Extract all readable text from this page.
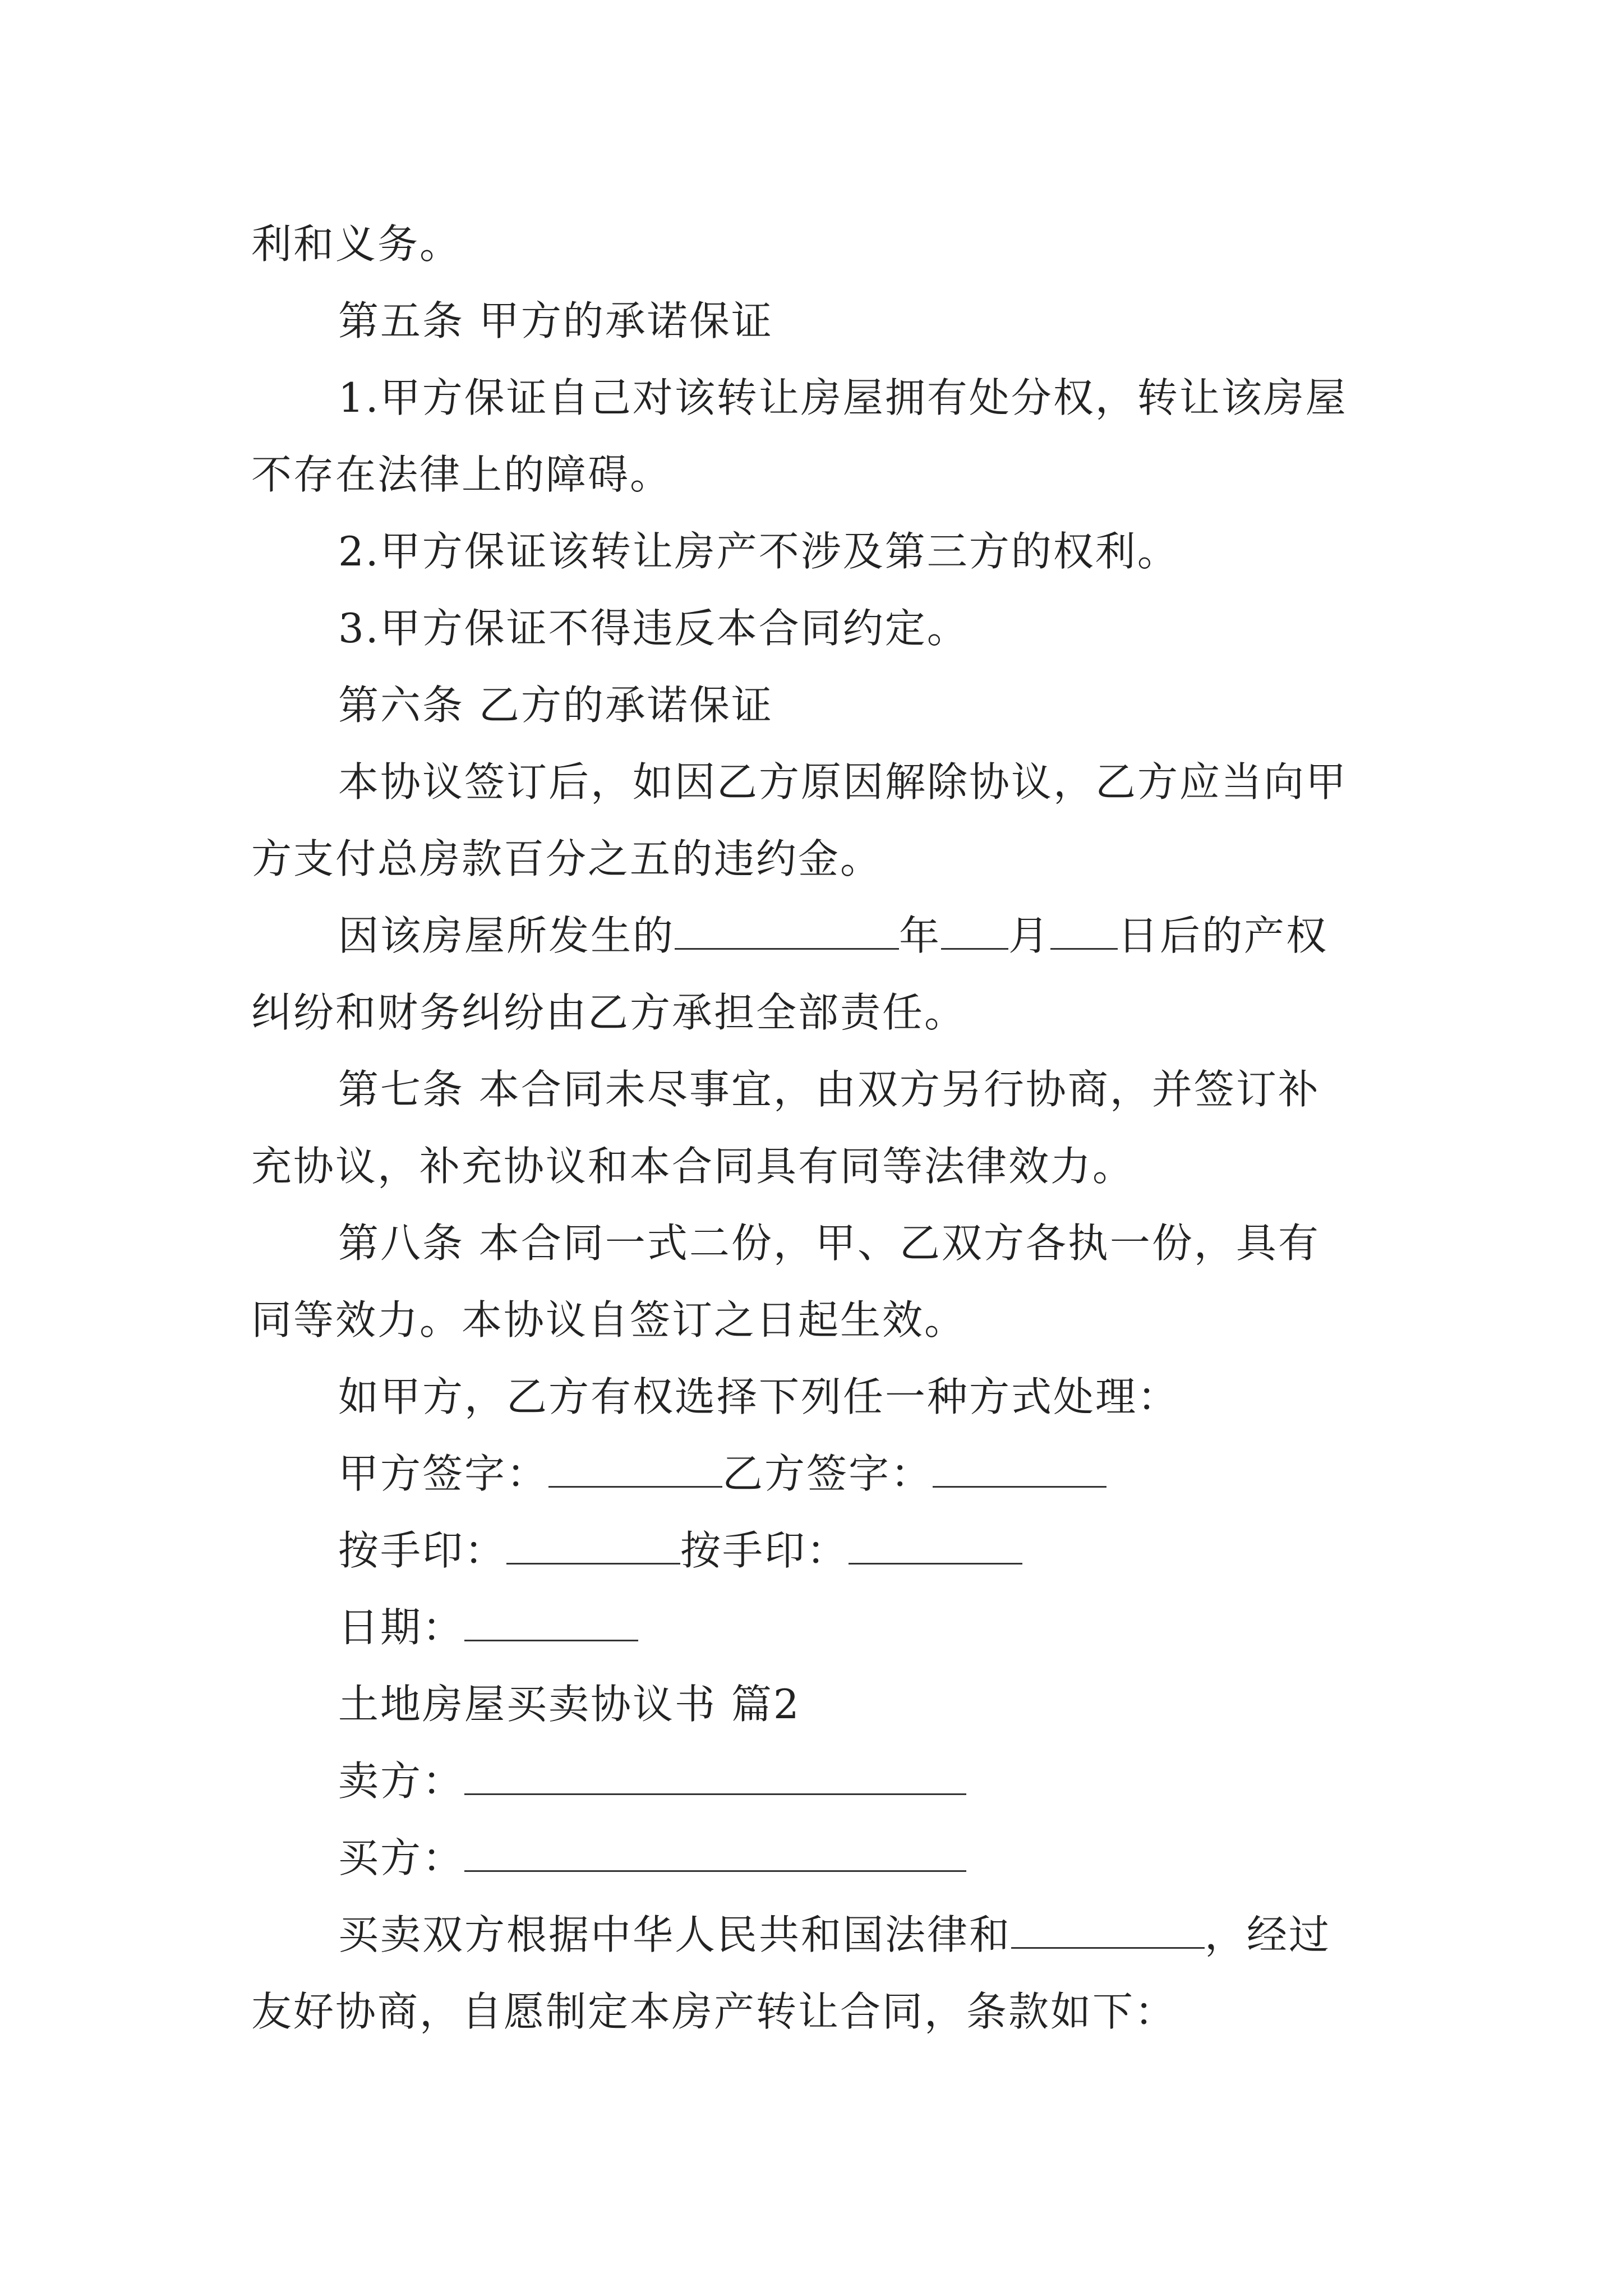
利和义务。
第五条 甲方的承诺保证
1.甲方保证自己对该转让房屋拥有处分权，转让该房屋
不存在法律上的障碍。
2.甲方保证该转让房产不涉及第三方的权利。
3.甲方保证不得违反本合同约定。
第六条 乙方的承诺保证
本协议签订后，如因乙方原因解除协议，乙方应当向甲
方支付总房款百分之五的违约金。
因该房屋所发生的	年 月 日后的产权
纠纷和财务纠纷由乙方承担全部责任。
第七条 本合同未尽事宜，由双方另行协商，并签订补
充协议，补充协议和本合同具有同等法律效力。
第八条 本合同一式二份，甲、乙双方各执一份，具有
同等效力。本协议自签订之日起生效。
如甲方，乙方有权选择下列任一种方式处理：
甲方签字：	乙方签字：
按手印：	按手印：
日期：
土地房屋买卖协议书 篇2
卖方：
买方：
买卖双方根据中华人民共和国法律和	，经过
友好协商，自愿制定本房产转让合同，条款如下：
